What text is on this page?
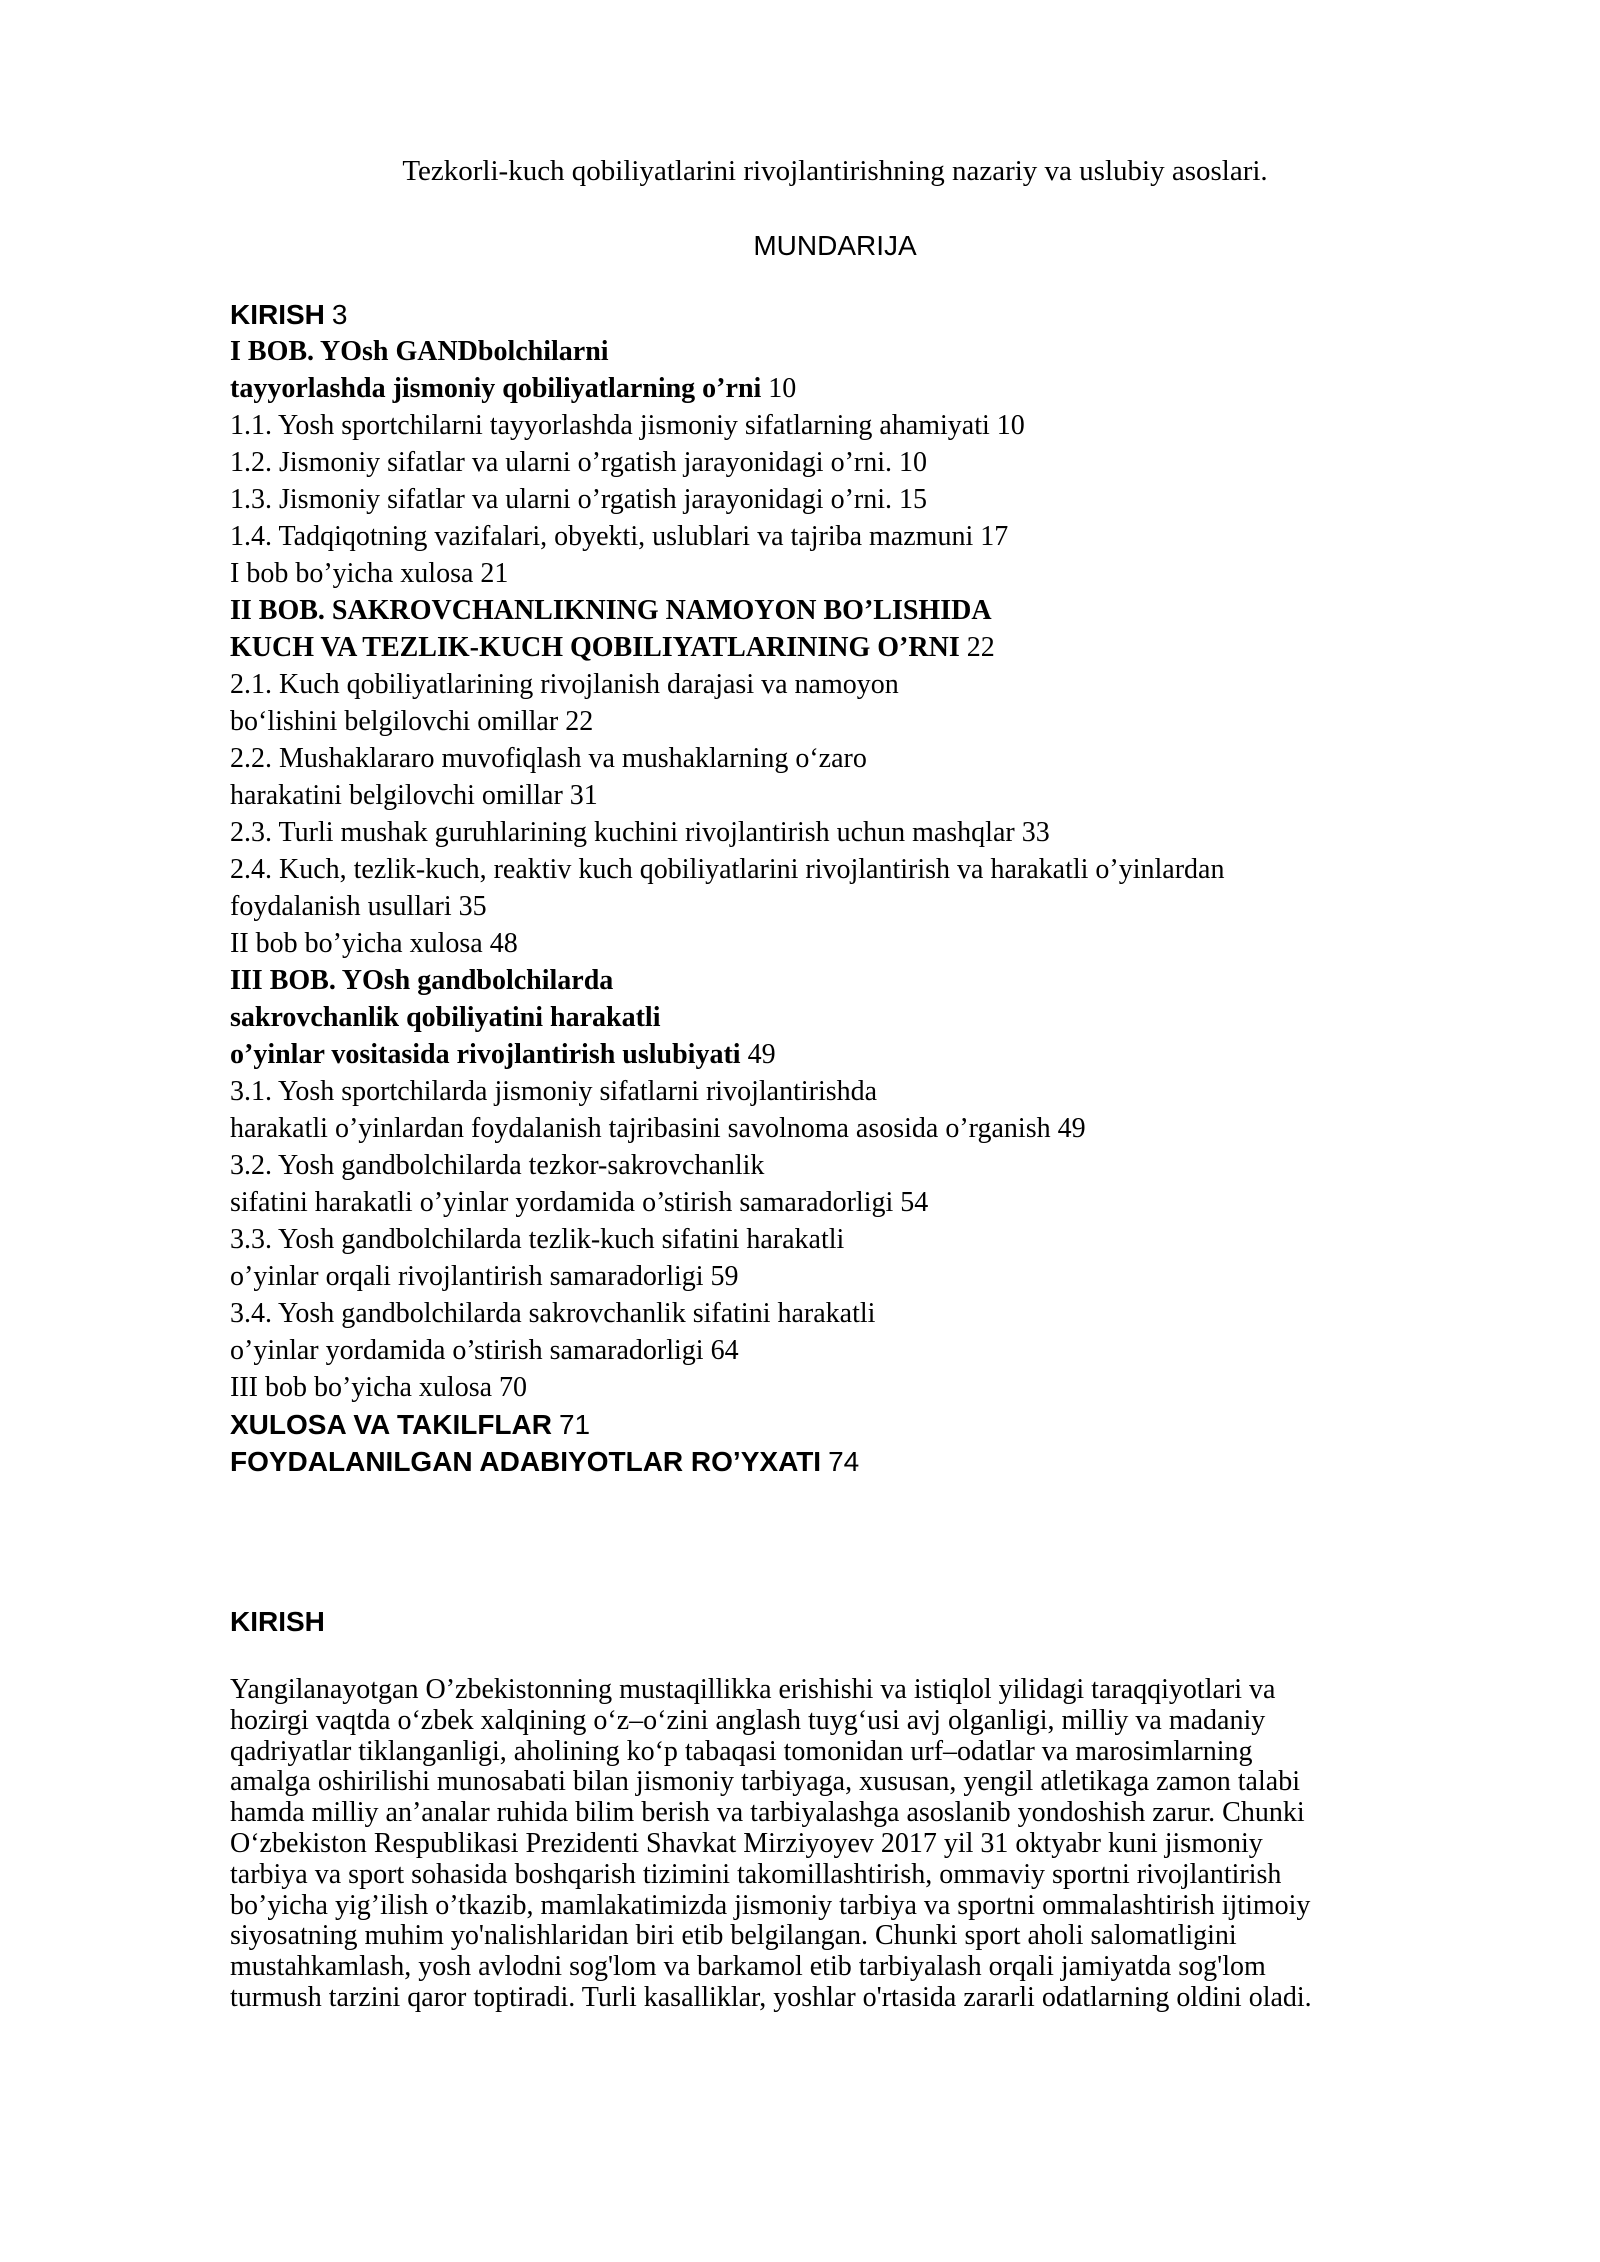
Tezkorli-kuch qobiliyatlarini rivojlantirishning nazariy va uslubiy asoslari.
MUNDARIJA
KIRISH 3
I BOB. YOsh GANDbolchilarni
tayyorlashda jismoniy qobiliyatlarning o’rni 10
1.1. Yosh sportchilarni tayyorlashda jismoniy sifatlarning ahamiyati 10
1.2. Jismoniy sifatlar va ularni o’rgatish jarayonidagi o’rni. 10
1.3. Jismoniy sifatlar va ularni o’rgatish jarayonidagi o’rni. 15
1.4. Tadqiqotning vazifalari, obyekti, uslublari va tajriba mazmuni 17
I bob bo’yicha xulosa 21
II BOB. SAKROVCHANLIKNING NAMOYON BO’LISHIDA
KUCH VA TEZLIK-KUCH QOBILIYATLARINING O’RNI 22
2.1. Kuch qobiliyatlarining rivojlanish darajasi va namoyon
bo‘lishini belgilovchi omillar 22
2.2. Mushaklararo muvofiqlash va mushaklarning o‘zaro
harakatini belgilovchi omillar 31
2.3. Turli mushak guruhlarining kuchini rivojlantirish uchun mashqlar 33
2.4. Kuch, tezlik-kuch, reaktiv kuch qobiliyatlarini rivojlantirish va harakatli o’yinlardan
foydalanish usullari 35
II bob bo’yicha xulosa 48
III BOB. YOsh gandbolchilarda
sakrovchanlik qobiliyatini harakatli
o’yinlar vositasida rivojlantirish uslubiyati 49
3.1. Yosh sportchilarda jismoniy sifatlarni rivojlantirishda
harakatli o’yinlardan foydalanish tajribasini savolnoma asosida o’rganish 49
3.2. Yosh gandbolchilarda tezkor-sakrovchanlik
sifatini harakatli o’yinlar yordamida o’stirish samaradorligi 54
3.3. Yosh gandbolchilarda tezlik-kuch sifatini harakatli
o’yinlar orqali rivojlantirish samaradorligi 59
3.4. Yosh gandbolchilarda sakrovchanlik sifatini harakatli
o’yinlar yordamida o’stirish samaradorligi 64
III bob bo’yicha xulosa 70
XULOSA VA TAKILFLAR 71
FOYDALANILGAN ADABIYOTLAR RO’YXATI 74
KIRISH

Yangilanayotgan O’zbekistonning mustaqillikka erishishi va istiqlol yilidagi taraqqiyotlari va
hozirgi vaqtda o‘zbek xalqining o‘z–o‘zini anglash tuyg‘usi avj olganligi, milliy va madaniy
qadriyatlar tiklanganligi, aholining ko‘p tabaqasi tomonidan urf–odatlar va marosimlarning
amalga oshirilishi munosabati bilan jismoniy tarbiyaga, xususan, yengil atletikaga zamon talabi
hamda milliy an’analar ruhida bilim berish va tarbiyalashga asoslanib yondoshish zarur. Chunki
O‘zbekiston Respublikasi Prezidenti Shavkat Mirziyoyev 2017 yil 31 oktyabr kuni jismoniy
tarbiya va sport sohasida boshqarish tizimini takomillashtirish, ommaviy sportni rivojlantirish
bo’yicha yig’ilish o’tkazib, mamlakatimizda jismoniy tarbiya va sportni ommalashtirish ijtimoiy
siyosatning muhim yo'nalishlaridan biri etib belgilangan. Chunki sport aholi salomatligini
mustahkamlash, yosh avlodni sog'lom va barkamol etib tarbiyalash orqali jamiyatda sog'lom
turmush tarzini qaror toptiradi. Turli kasalliklar, yoshlar o'rtasida zararli odatlarning oldini oladi.
